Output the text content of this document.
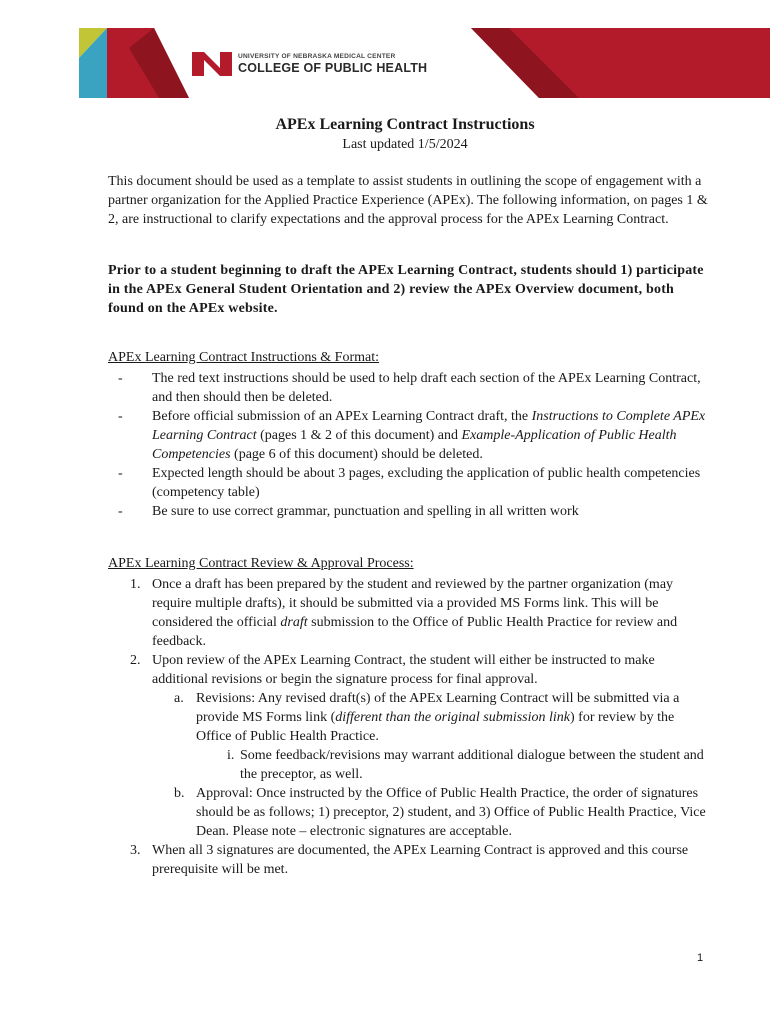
UNIVERSITY OF NEBRASKA MEDICAL CENTER
COLLEGE OF PUBLIC HEALTH
APEx Learning Contract Instructions
Last updated 1/5/2024

This document should be used as a template to assist students in outlining the scope of engagement with a partner organization for the Applied Practice Experience (APEx). The following information, on pages 1 & 2, are instructional to clarify expectations and the approval process for the APEx Learning Contract.

Prior to a student beginning to draft the APEx Learning Contract, students should 1) participate in the APEx General Student Orientation and 2) review the APEx Overview document, both found on the APEx website.

APEx Learning Contract Instructions & Format:
- The red text instructions should be used to help draft each section of the APEx Learning Contract, and then should then be deleted.
- Before official submission of an APEx Learning Contract draft, the Instructions to Complete APEx Learning Contract (pages 1 & 2 of this document) and Example-Application of Public Health Competencies (page 6 of this document) should be deleted.
- Expected length should be about 3 pages, excluding the application of public health competencies (competency table)
- Be sure to use correct grammar, punctuation and spelling in all written work
APEx Learning Contract Review & Approval Process:
1. Once a draft has been prepared by the student and reviewed by the partner organization (may require multiple drafts), it should be submitted via a provided MS Forms link. This will be considered the official draft submission to the Office of Public Health Practice for review and feedback.
2. Upon review of the APEx Learning Contract, the student will either be instructed to make additional revisions or begin the signature process for final approval.
a. Revisions: Any revised draft(s) of the APEx Learning Contract will be submitted via a provide MS Forms link (different than the original submission link) for review by the Office of Public Health Practice.
i. Some feedback/revisions may warrant additional dialogue between the student and the preceptor, as well.
b. Approval: Once instructed by the Office of Public Health Practice, the order of signatures should be as follows; 1) preceptor, 2) student, and 3) Office of Public Health Practice, Vice Dean. Please note – electronic signatures are acceptable.
3. When all 3 signatures are documented, the APEx Learning Contract is approved and this course prerequisite will be met.
1
